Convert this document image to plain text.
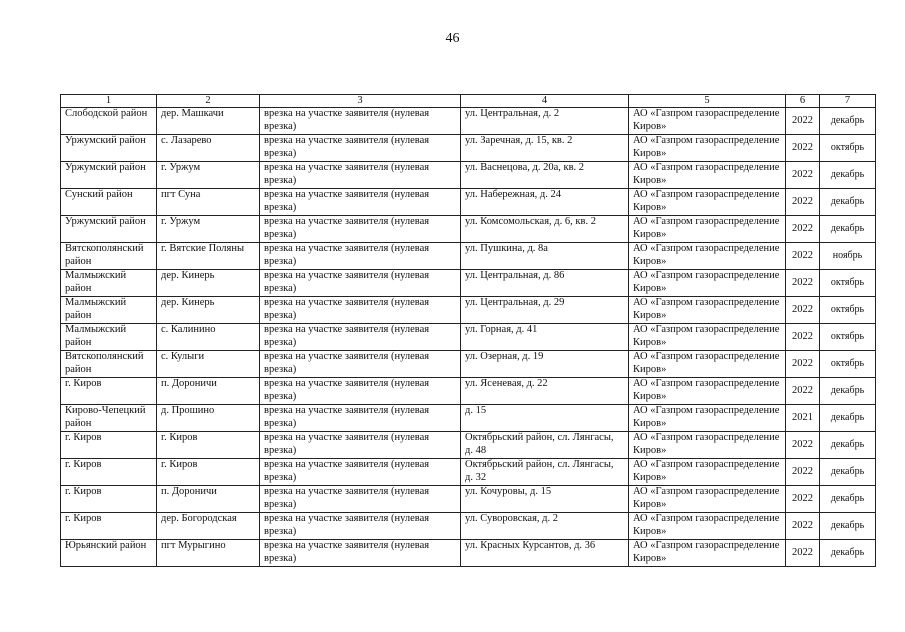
46
1	2	3	4	5	6	7
Слободской район	дер. Машкачи	врезка на участке заявителя (нулевая врезка)	ул. Центральная, д. 2	АО «Газпром газораспределение Киров»	2022	декабрь
Уржумский район	с. Лазарево	врезка на участке заявителя (нулевая врезка)	ул. Заречная, д. 15, кв. 2	АО «Газпром газораспределение Киров»	2022	октябрь
Уржумский район	г. Уржум	врезка на участке заявителя (нулевая врезка)	ул. Васнецова, д. 20а, кв. 2	АО «Газпром газораспределение Киров»	2022	декабрь
Сунский район	пгт Суна	врезка на участке заявителя (нулевая врезка)	ул. Набережная, д. 24	АО «Газпром газораспределение Киров»	2022	декабрь
Уржумский район	г. Уржум	врезка на участке заявителя (нулевая врезка)	ул. Комсомольская, д. 6, кв. 2	АО «Газпром газораспределение Киров»	2022	декабрь
Вятскополянский район	г. Вятские Поляны	врезка на участке заявителя (нулевая врезка)	ул. Пушкина, д. 8а	АО «Газпром газораспределение Киров»	2022	ноябрь
Малмыжский район	дер. Кинерь	врезка на участке заявителя (нулевая врезка)	ул. Центральная, д. 86	АО «Газпром газораспределение Киров»	2022	октябрь
Малмыжский район	дер. Кинерь	врезка на участке заявителя (нулевая врезка)	ул. Центральная, д. 29	АО «Газпром газораспределение Киров»	2022	октябрь
Малмыжский район	с. Калинино	врезка на участке заявителя (нулевая врезка)	ул. Горная, д. 41	АО «Газпром газораспределение Киров»	2022	октябрь
Вятскополянский район	с. Кулыги	врезка на участке заявителя (нулевая врезка)	ул. Озерная, д. 19	АО «Газпром газораспределение Киров»	2022	октябрь
г. Киров	п. Дороничи	врезка на участке заявителя (нулевая врезка)	ул. Ясеневая, д. 22	АО «Газпром газораспределение Киров»	2022	декабрь
Кирово-Чепецкий район	д. Прошино	врезка на участке заявителя (нулевая врезка)	д. 15	АО «Газпром газораспределение Киров»	2021	декабрь
г. Киров	г. Киров	врезка на участке заявителя (нулевая врезка)	Октябрьский район, сл. Лянгасы, д. 48	АО «Газпром газораспределение Киров»	2022	декабрь
г. Киров	г. Киров	врезка на участке заявителя (нулевая врезка)	Октябрьский район, сл. Лянгасы, д. 32	АО «Газпром газораспределение Киров»	2022	декабрь
г. Киров	п. Дороничи	врезка на участке заявителя (нулевая врезка)	ул. Кочуровы, д. 15	АО «Газпром газораспределение Киров»	2022	декабрь
г. Киров	дер. Богородская	врезка на участке заявителя (нулевая врезка)	ул. Суворовская, д. 2	АО «Газпром газораспределение Киров»	2022	декабрь
Юрьянский район	пгт Мурыгино	врезка на участке заявителя (нулевая врезка)	ул. Красных Курсантов, д. 36	АО «Газпром газораспределение Киров»	2022	декабрь
